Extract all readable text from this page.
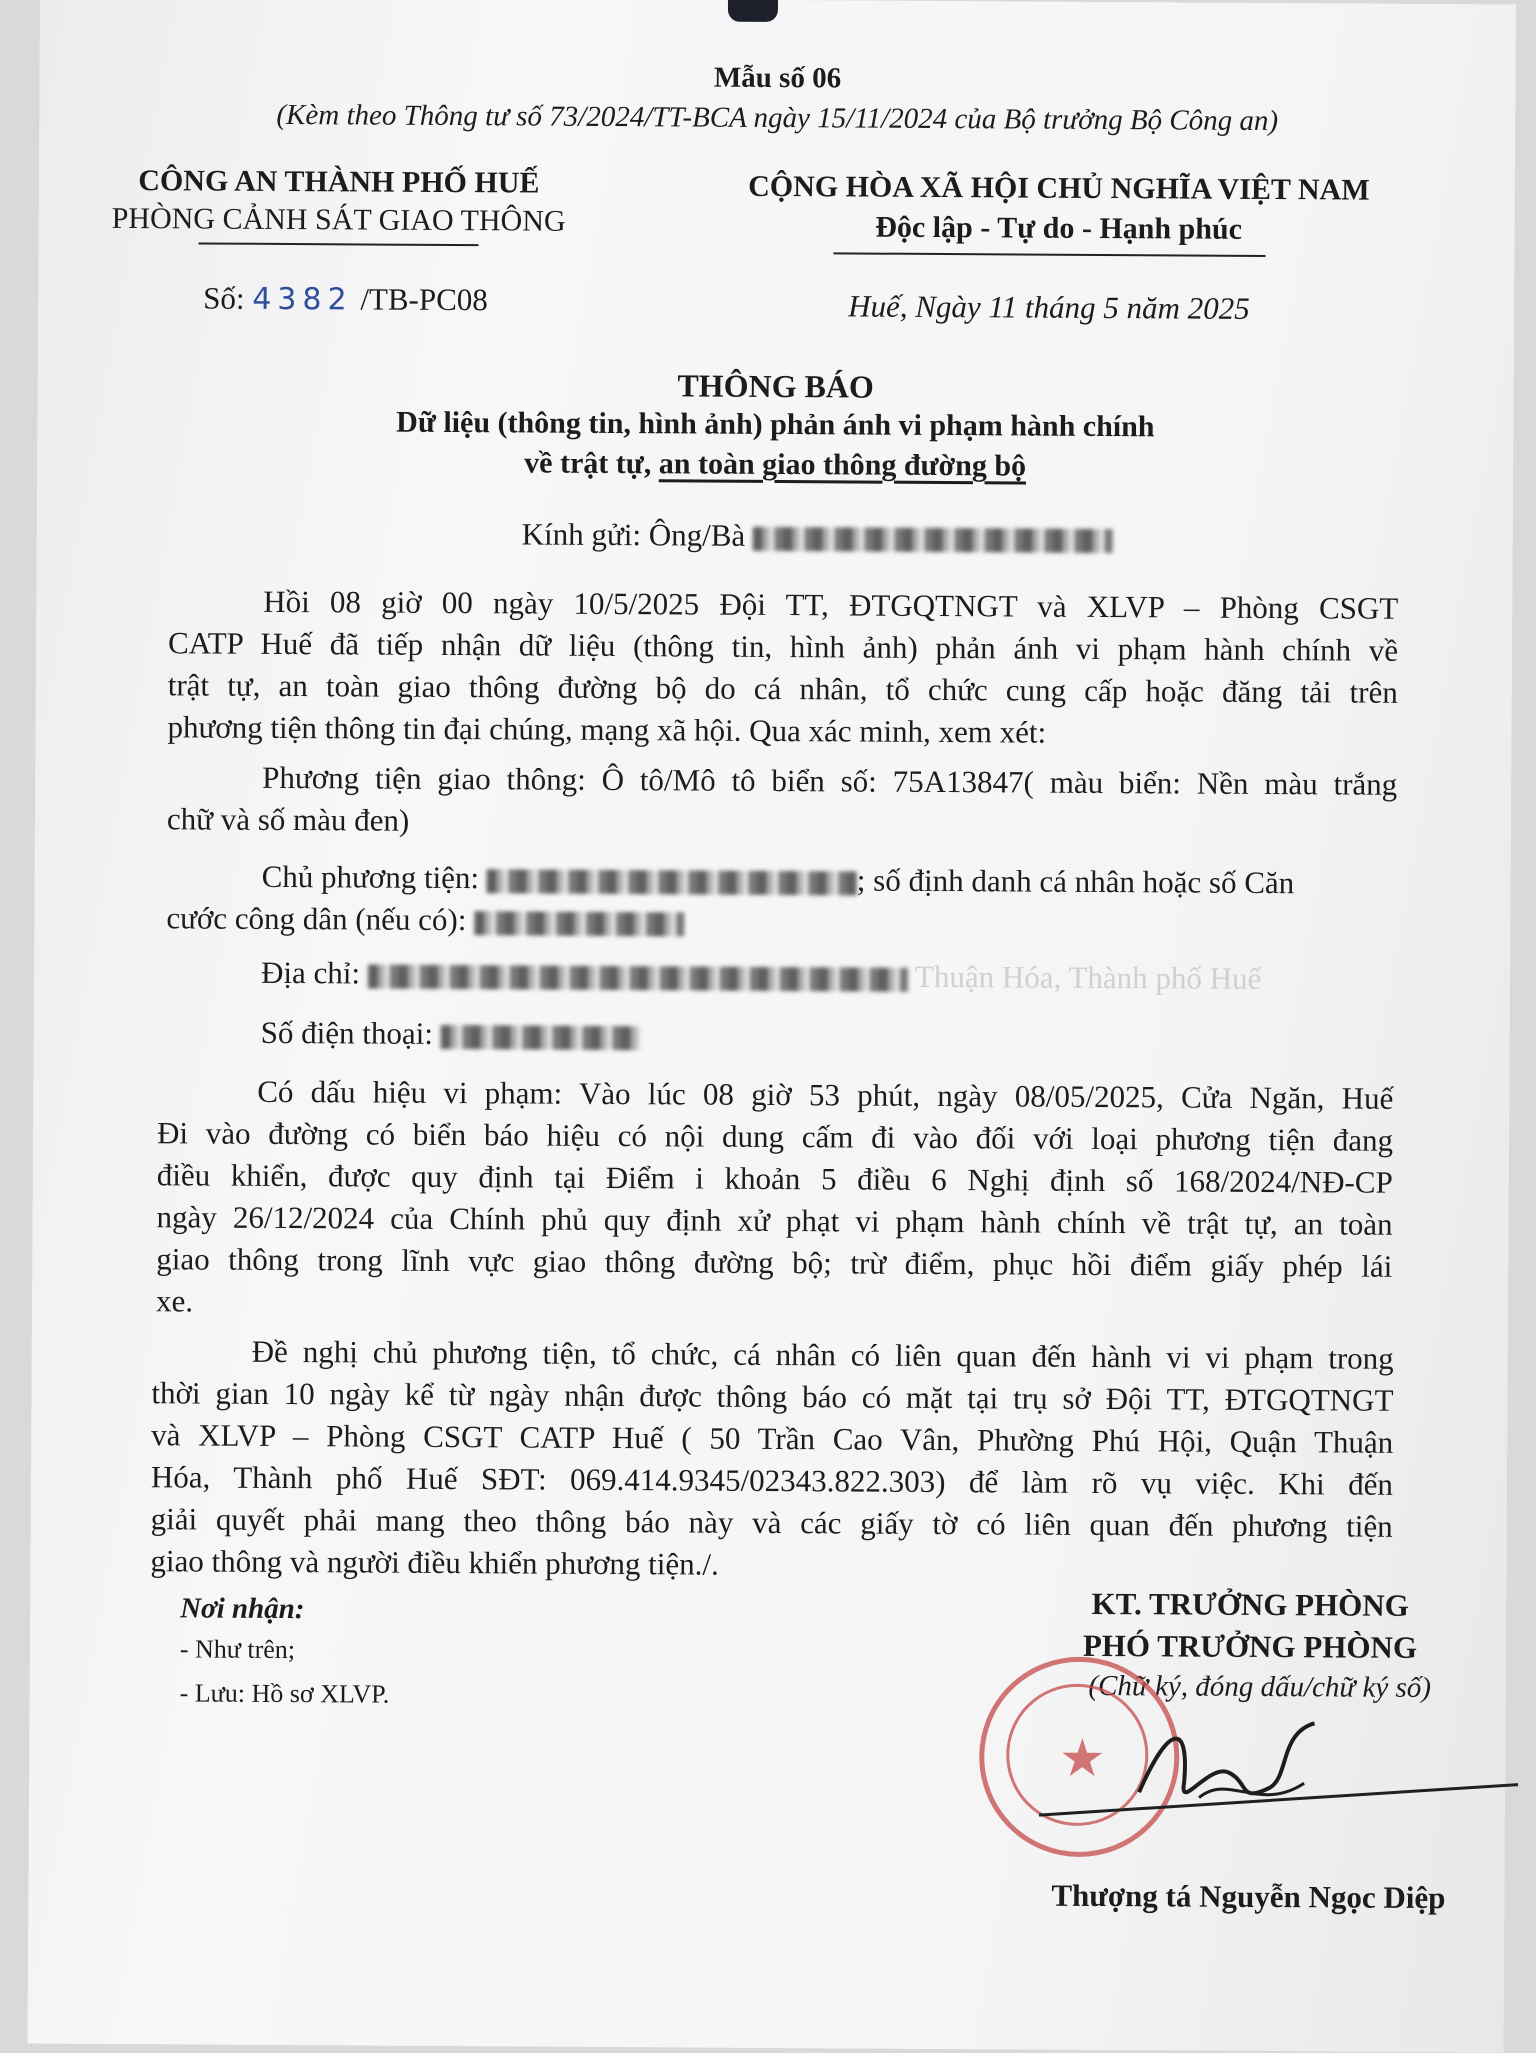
Mẫu số 06
(Kèm theo Thông tư số 73/2024/TT-BCA ngày 15/11/2024 của Bộ trưởng Bộ Công an)
CÔNG AN THÀNH PHỐ HUẾ
PHÒNG CẢNH SÁT GIAO THÔNG
Số: 4382 /TB-PC08
CỘNG HÒA XÃ HỘI CHỦ NGHĨA VIỆT NAM
Độc lập - Tự do - Hạnh phúc
Huế, Ngày 11 tháng 5 năm 2025
THÔNG BÁO
Dữ liệu (thông tin, hình ảnh) phản ánh vi phạm hành chính
về trật tự, an toàn giao thông đường bộ
Kính gửi: Ông/Bà
Hồi 08 giờ 00 ngày 10/5/2025 Đội TT, ĐTGQTNGT và XLVP – Phòng CSGT
CATP Huế đã tiếp nhận dữ liệu (thông tin, hình ảnh) phản ánh vi phạm hành chính về
trật tự, an toàn giao thông đường bộ do cá nhân, tổ chức cung cấp hoặc đăng tải trên
phương tiện thông tin đại chúng, mạng xã hội. Qua xác minh, xem xét:
Phương tiện giao thông: Ô tô/Mô tô biển số: 75A13847( màu biển: Nền màu trắng
chữ và số màu đen)
Chủ phương tiện:	; số định danh cá nhân hoặc số Căn
cước công dân (nếu có):
Địa chỉ:	Thuận Hóa, Thành phố Huế
Số điện thoại:
Có dấu hiệu vi phạm: Vào lúc 08 giờ 53 phút, ngày 08/05/2025, Cửa Ngăn, Huế
Đi vào đường có biển báo hiệu có nội dung cấm đi vào đối với loại phương tiện đang
điều khiển, được quy định tại Điểm i khoản 5 điều 6 Nghị định số 168/2024/NĐ-CP
ngày 26/12/2024 của Chính phủ quy định xử phạt vi phạm hành chính về trật tự, an toàn
giao thông trong lĩnh vực giao thông đường bộ; trừ điểm, phục hồi điểm giấy phép lái
xe.
Đề nghị chủ phương tiện, tổ chức, cá nhân có liên quan đến hành vi vi phạm trong
thời gian 10 ngày kể từ ngày nhận được thông báo có mặt tại trụ sở Đội TT, ĐTGQTNGT
và XLVP – Phòng CSGT CATP Huế ( 50 Trần Cao Vân, Phường Phú Hội, Quận Thuận
Hóa, Thành phố Huế SĐT: 069.414.9345/02343.822.303) để làm rõ vụ việc. Khi đến
giải quyết phải mang theo thông báo này và các giấy tờ có liên quan đến phương tiện
giao thông và người điều khiển phương tiện./.
Nơi nhận:
- Như trên;
- Lưu: Hồ sơ XLVP.
KT. TRƯỞNG PHÒNG
PHÓ TRƯỞNG PHÒNG
(Chữ ký, đóng dấu/chữ ký số)
★
Thượng tá Nguyễn Ngọc Diệp
